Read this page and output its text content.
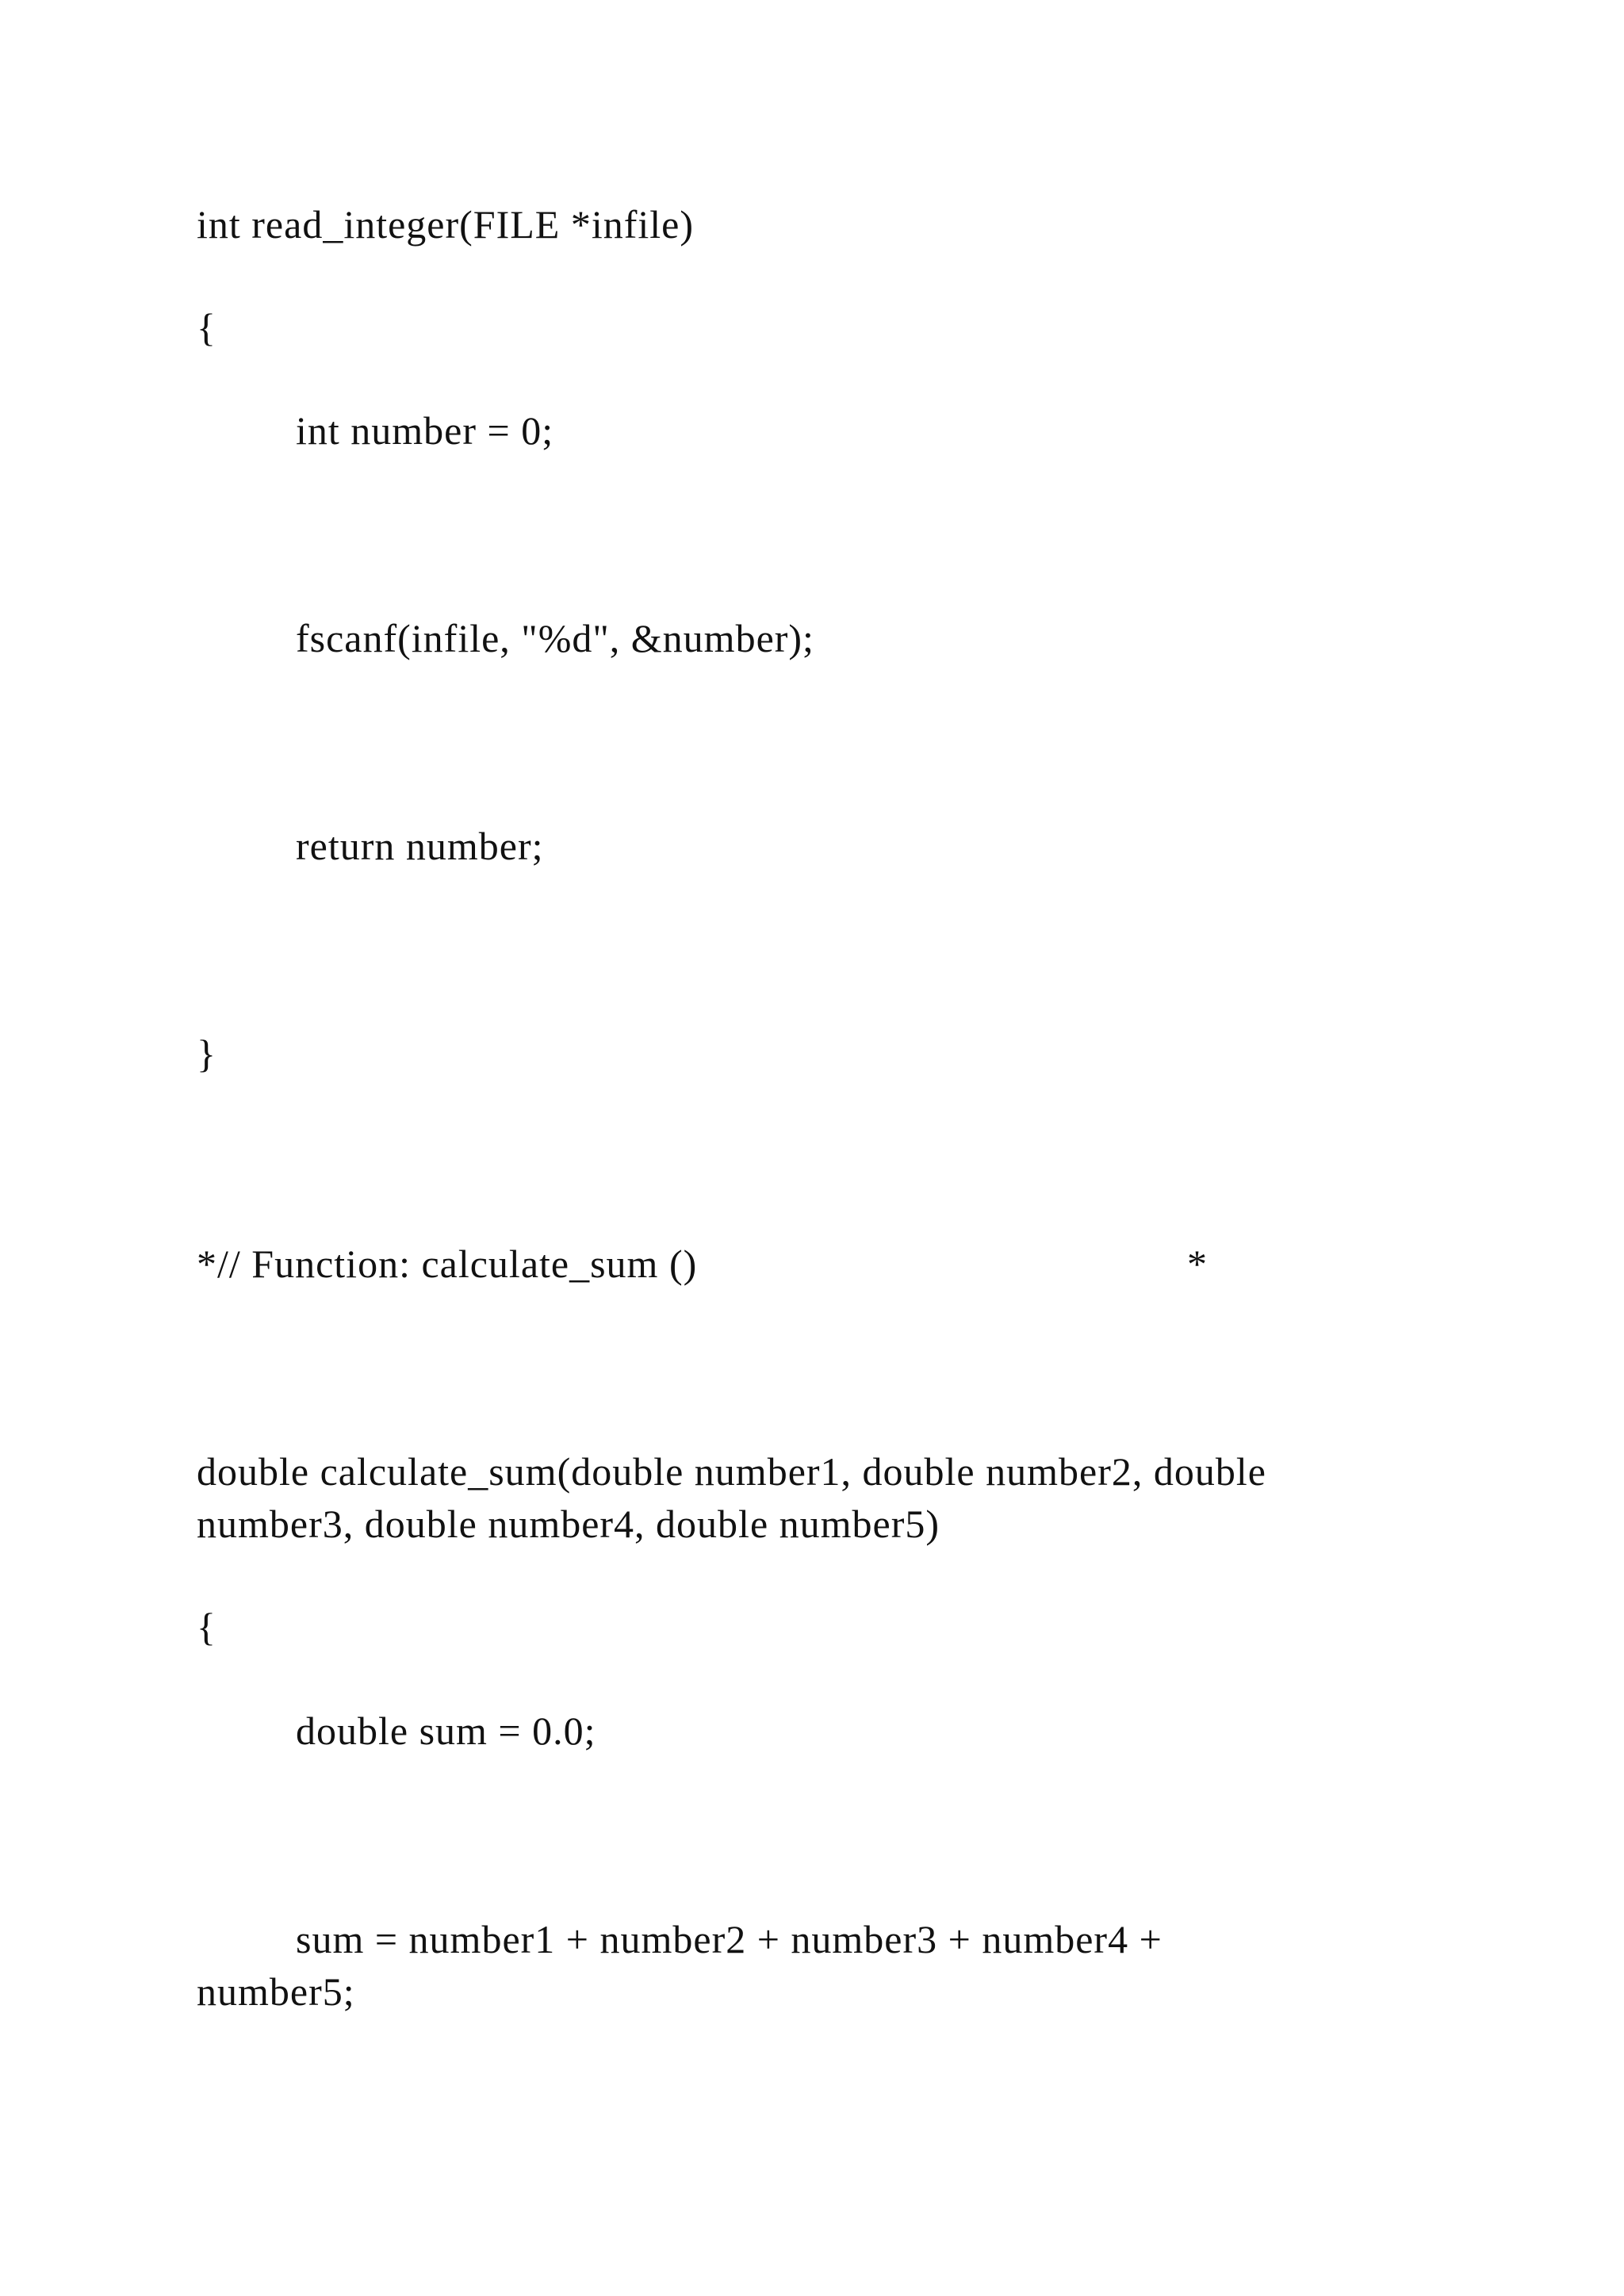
int read_integer(FILE *infile)
{
int number = 0;
fscanf(infile, "%d", &number);
return number;
}
*// Function: calculate_sum ()	*
double calculate_sum(double number1, double number2, double
number3, double number4, double number5)
{
double sum = 0.0;
sum = number1 + number2 + number3 + number4 +
number5;
